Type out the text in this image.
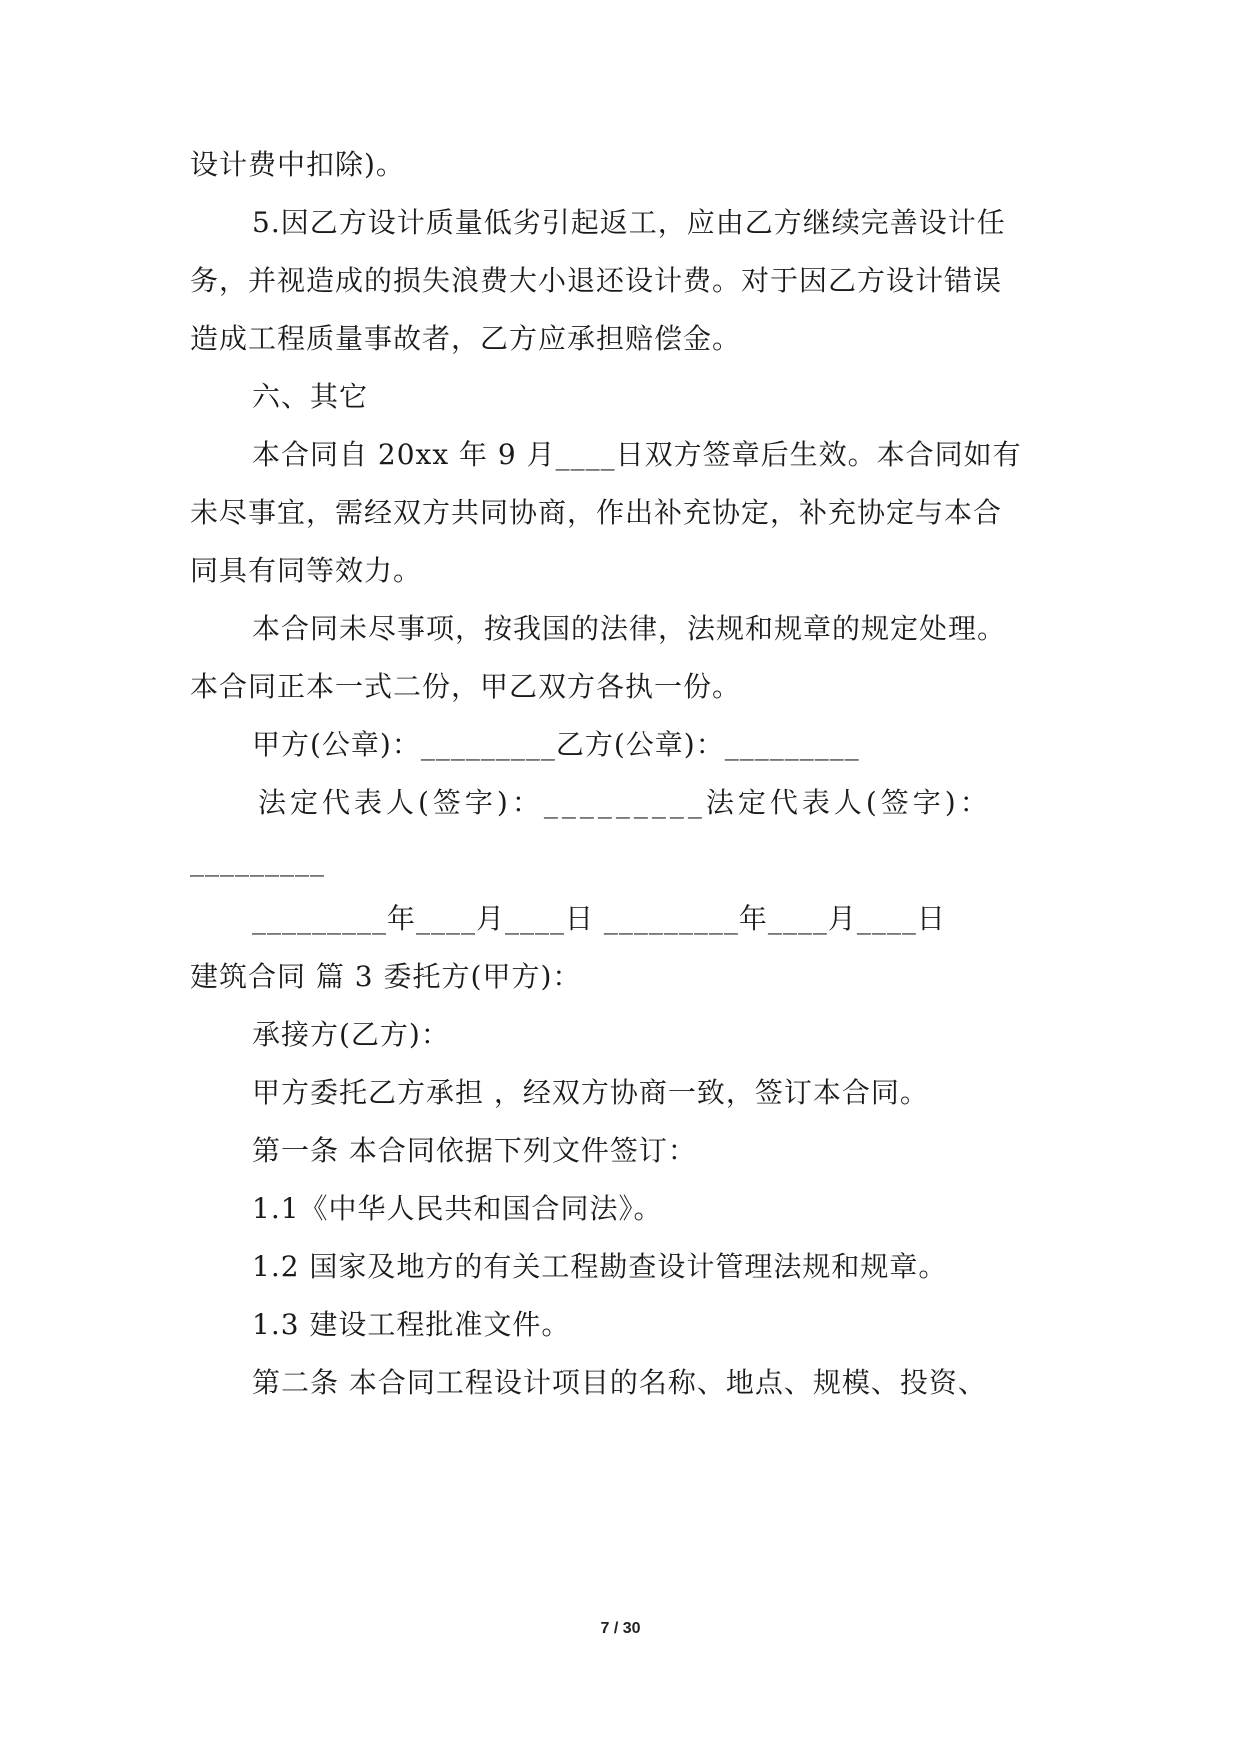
设计费中扣除)。
5.因乙方设计质量低劣引起返工，应由乙方继续完善设计任
务，并视造成的损失浪费大小退还设计费。对于因乙方设计错误
造成工程质量事故者，乙方应承担赔偿金。
六、其它
本合同自 20xx 年 9 月____日双方签章后生效。本合同如有
未尽事宜，需经双方共同协商，作出补充协定，补充协定与本合
同具有同等效力。
本合同未尽事项，按我国的法律，法规和规章的规定处理。
本合同正本一式二份，甲乙双方各执一份。
甲方(公章)：_________乙方(公章)：_________
法定代表人(签字)：_________法定代表人(签字)：
_________
_________年____月____日 _________年____月____日
建筑合同 篇 3 委托方(甲方)：
承接方(乙方)：
甲方委托乙方承担 ，经双方协商一致，签订本合同。
第一条 本合同依据下列文件签订：
1.1《中华人民共和国合同法》。
1.2 国家及地方的有关工程勘查设计管理法规和规章。
1.3 建设工程批准文件。
第二条 本合同工程设计项目的名称、地点、规模、投资、
7 / 30
